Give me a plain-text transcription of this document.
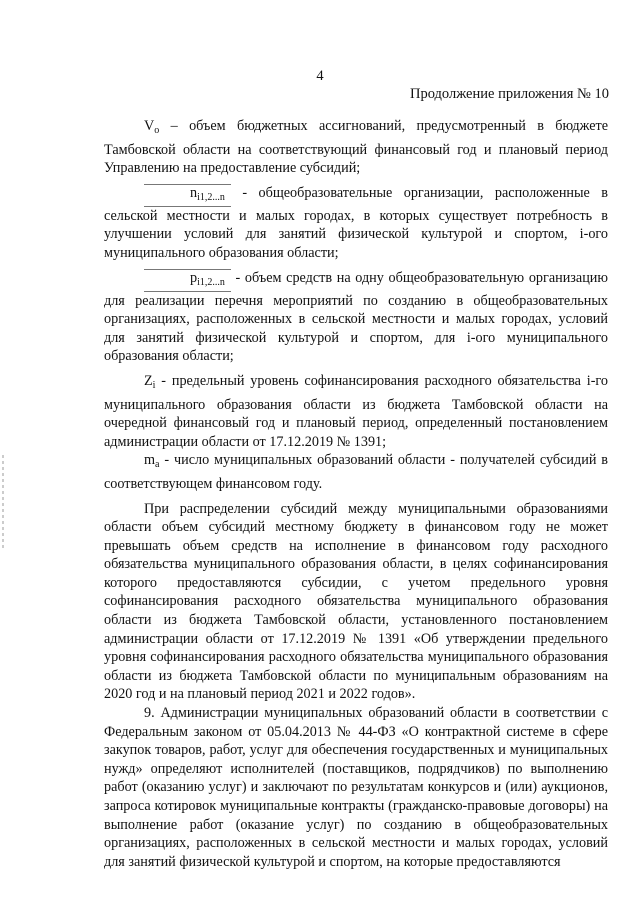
4
Продолжение приложения № 10

$V_о$ – объем бюджетных ассигнований, предусмотренный в бюджете Тамбовской области на соответствующий финансовый год и плановый период Управлению на предоставление субсидий;

$n_{i1,2...n}$ - общеобразовательные организации, расположенные в сельской местности и малых городах, в которых существует потребность в улучшении условий для занятий физической культурой и спортом, i-ого муниципального образования области;

$p_{i1,2...n}$ - объем средств на одну общеобразовательную организацию для реализации перечня мероприятий по созданию в общеобразовательных организациях, расположенных в сельской местности и малых городах, условий для занятий физической культурой и спортом, для i-ого муниципального образования области;

$Z_i$ - предельный уровень софинансирования расходного обязательства i-го муниципального образования области из бюджета Тамбовской области на очередной финансовый год и плановый период, определенный постановлением администрации области от 17.12.2019 № 1391;

$m_a$ - число муниципальных образований области - получателей субсидий в соответствующем финансовом году.

При распределении субсидий между муниципальными образованиями области объем субсидий местному бюджету в финансовом году не может превышать объем средств на исполнение в финансовом году расходного обязательства муниципального образования области, в целях софинансирования которого предоставляются субсидии, с учетом предельного уровня софинансирования расходного обязательства муниципального образования области из бюджета Тамбовской области, установленного постановлением администрации области от 17.12.2019 № 1391 «Об утверждении предельного уровня софинансирования расходного обязательства муниципального образования области из бюджета Тамбовской области по муниципальным образованиям на 2020 год и на плановый период 2021 и 2022 годов».

9. Администрации муниципальных образований области в соответствии с Федеральным законом от 05.04.2013 № 44-ФЗ «О контрактной системе в сфере закупок товаров, работ, услуг для обеспечения государственных и муниципальных нужд» определяют исполнителей (поставщиков, подрядчиков) по выполнению работ (оказанию услуг) и заключают по результатам конкурсов и (или) аукционов, запроса котировок муниципальные контракты (гражданско-правовые договоры) на выполнение работ (оказание услуг) по созданию в общеобразовательных организациях, расположенных в сельской местности и малых городах, условий для занятий физической культурой и спортом, на которые предоставляются
